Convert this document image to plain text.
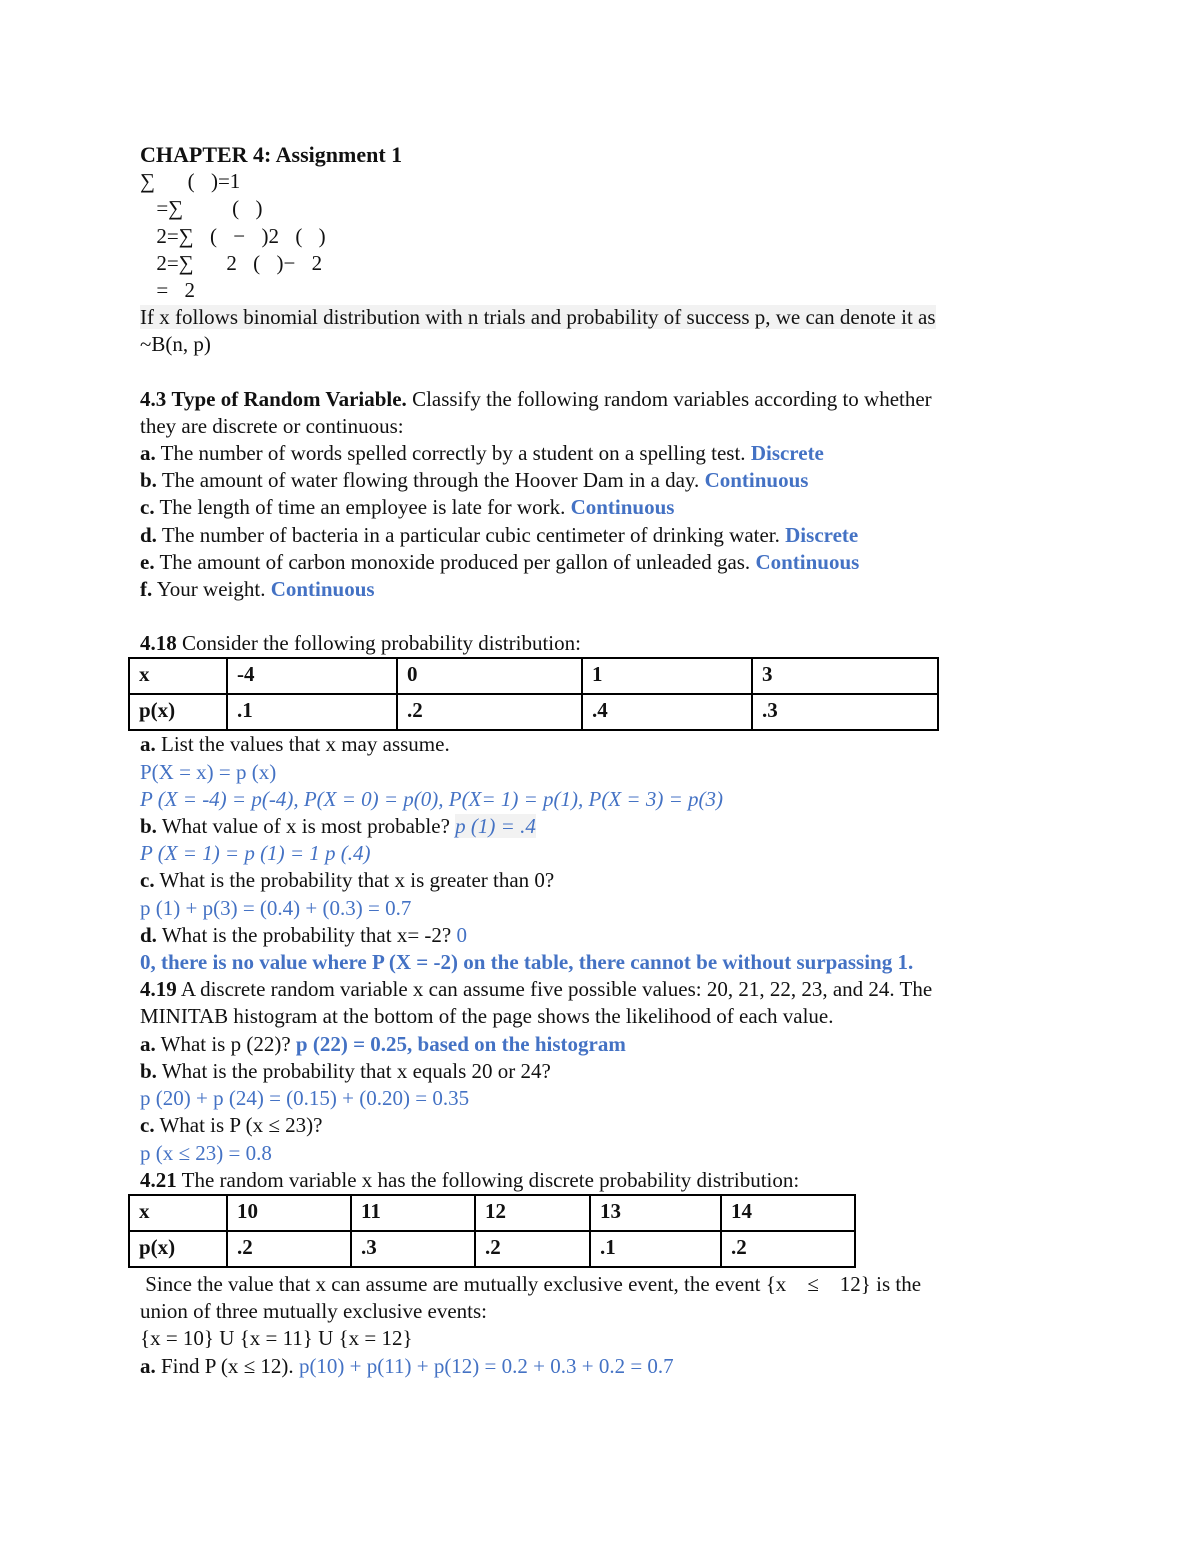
CHAPTER 4: Assignment 1
∑􏰀􏰀(􏰀)=1
􏰀=∑􏰀􏰀􏰀(􏰀)
􏰀2=∑􏰀(􏰀−􏰀)2􏰀(􏰀)
􏰀2=∑􏰀􏰀2􏰀(􏰀)−􏰀2
􏰀=􏰀2
If x follows binomial distribution with n trials and probability of success p, we can denote it as
~B(n, p)
4.3 Type of Random Variable. Classify the following random variables according to whether
they are discrete or continuous:
a. The number of words spelled correctly by a student on a spelling test. Discrete
b. The amount of water flowing through the Hoover Dam in a day. Continuous
c. The length of time an employee is late for work. Continuous
d. The number of bacteria in a particular cubic centimeter of drinking water. Discrete
e. The amount of carbon monoxide produced per gallon of unleaded gas. Continuous
f. Your weight. Continuous
4.18 Consider the following probability distribution:
x	-4	0	1	3
p(x)	.1	.2	.4	.3
a. List the values that x may assume.
P(X = x) = p (x)
P (X = -4) = p(-4), P(X = 0) = p(0), P(X= 1) = p(1), P(X = 3) = p(3)
b. What value of x is most probable? p (1) = .4
P (X = 1) = p (1) = 1 p (.4)
c. What is the probability that x is greater than 0?
p (1) + p(3) = (0.4) + (0.3) = 0.7
d. What is the probability that x= -2? 0
0, there is no value where P (X = -2) on the table, there cannot be without surpassing 1.
4.19 A discrete random variable x can assume five possible values: 20, 21, 22, 23, and 24. The
MINITAB histogram at the bottom of the page shows the likelihood of each value.
a. What is p (22)? p (22) = 0.25, based on the histogram
b. What is the probability that x equals 20 or 24?
p (20) + p (24) = (0.15) + (0.20) = 0.35
c. What is P (x ≤ 23)?
p (x ≤ 23) = 0.8
4.21 The random variable x has the following discrete probability distribution:
x	10	11	12	13	14
p(x)	.2	.3	.2	.1	.2
Since the value that x can assume are mutually exclusive event, the event {x    ≤    12} is the
union of three mutually exclusive events:
{x = 10} U {x = 11} U {x = 12}
a. Find P (x ≤ 12). p(10) + p(11) + p(12) = 0.2 + 0.3 + 0.2 = 0.7
